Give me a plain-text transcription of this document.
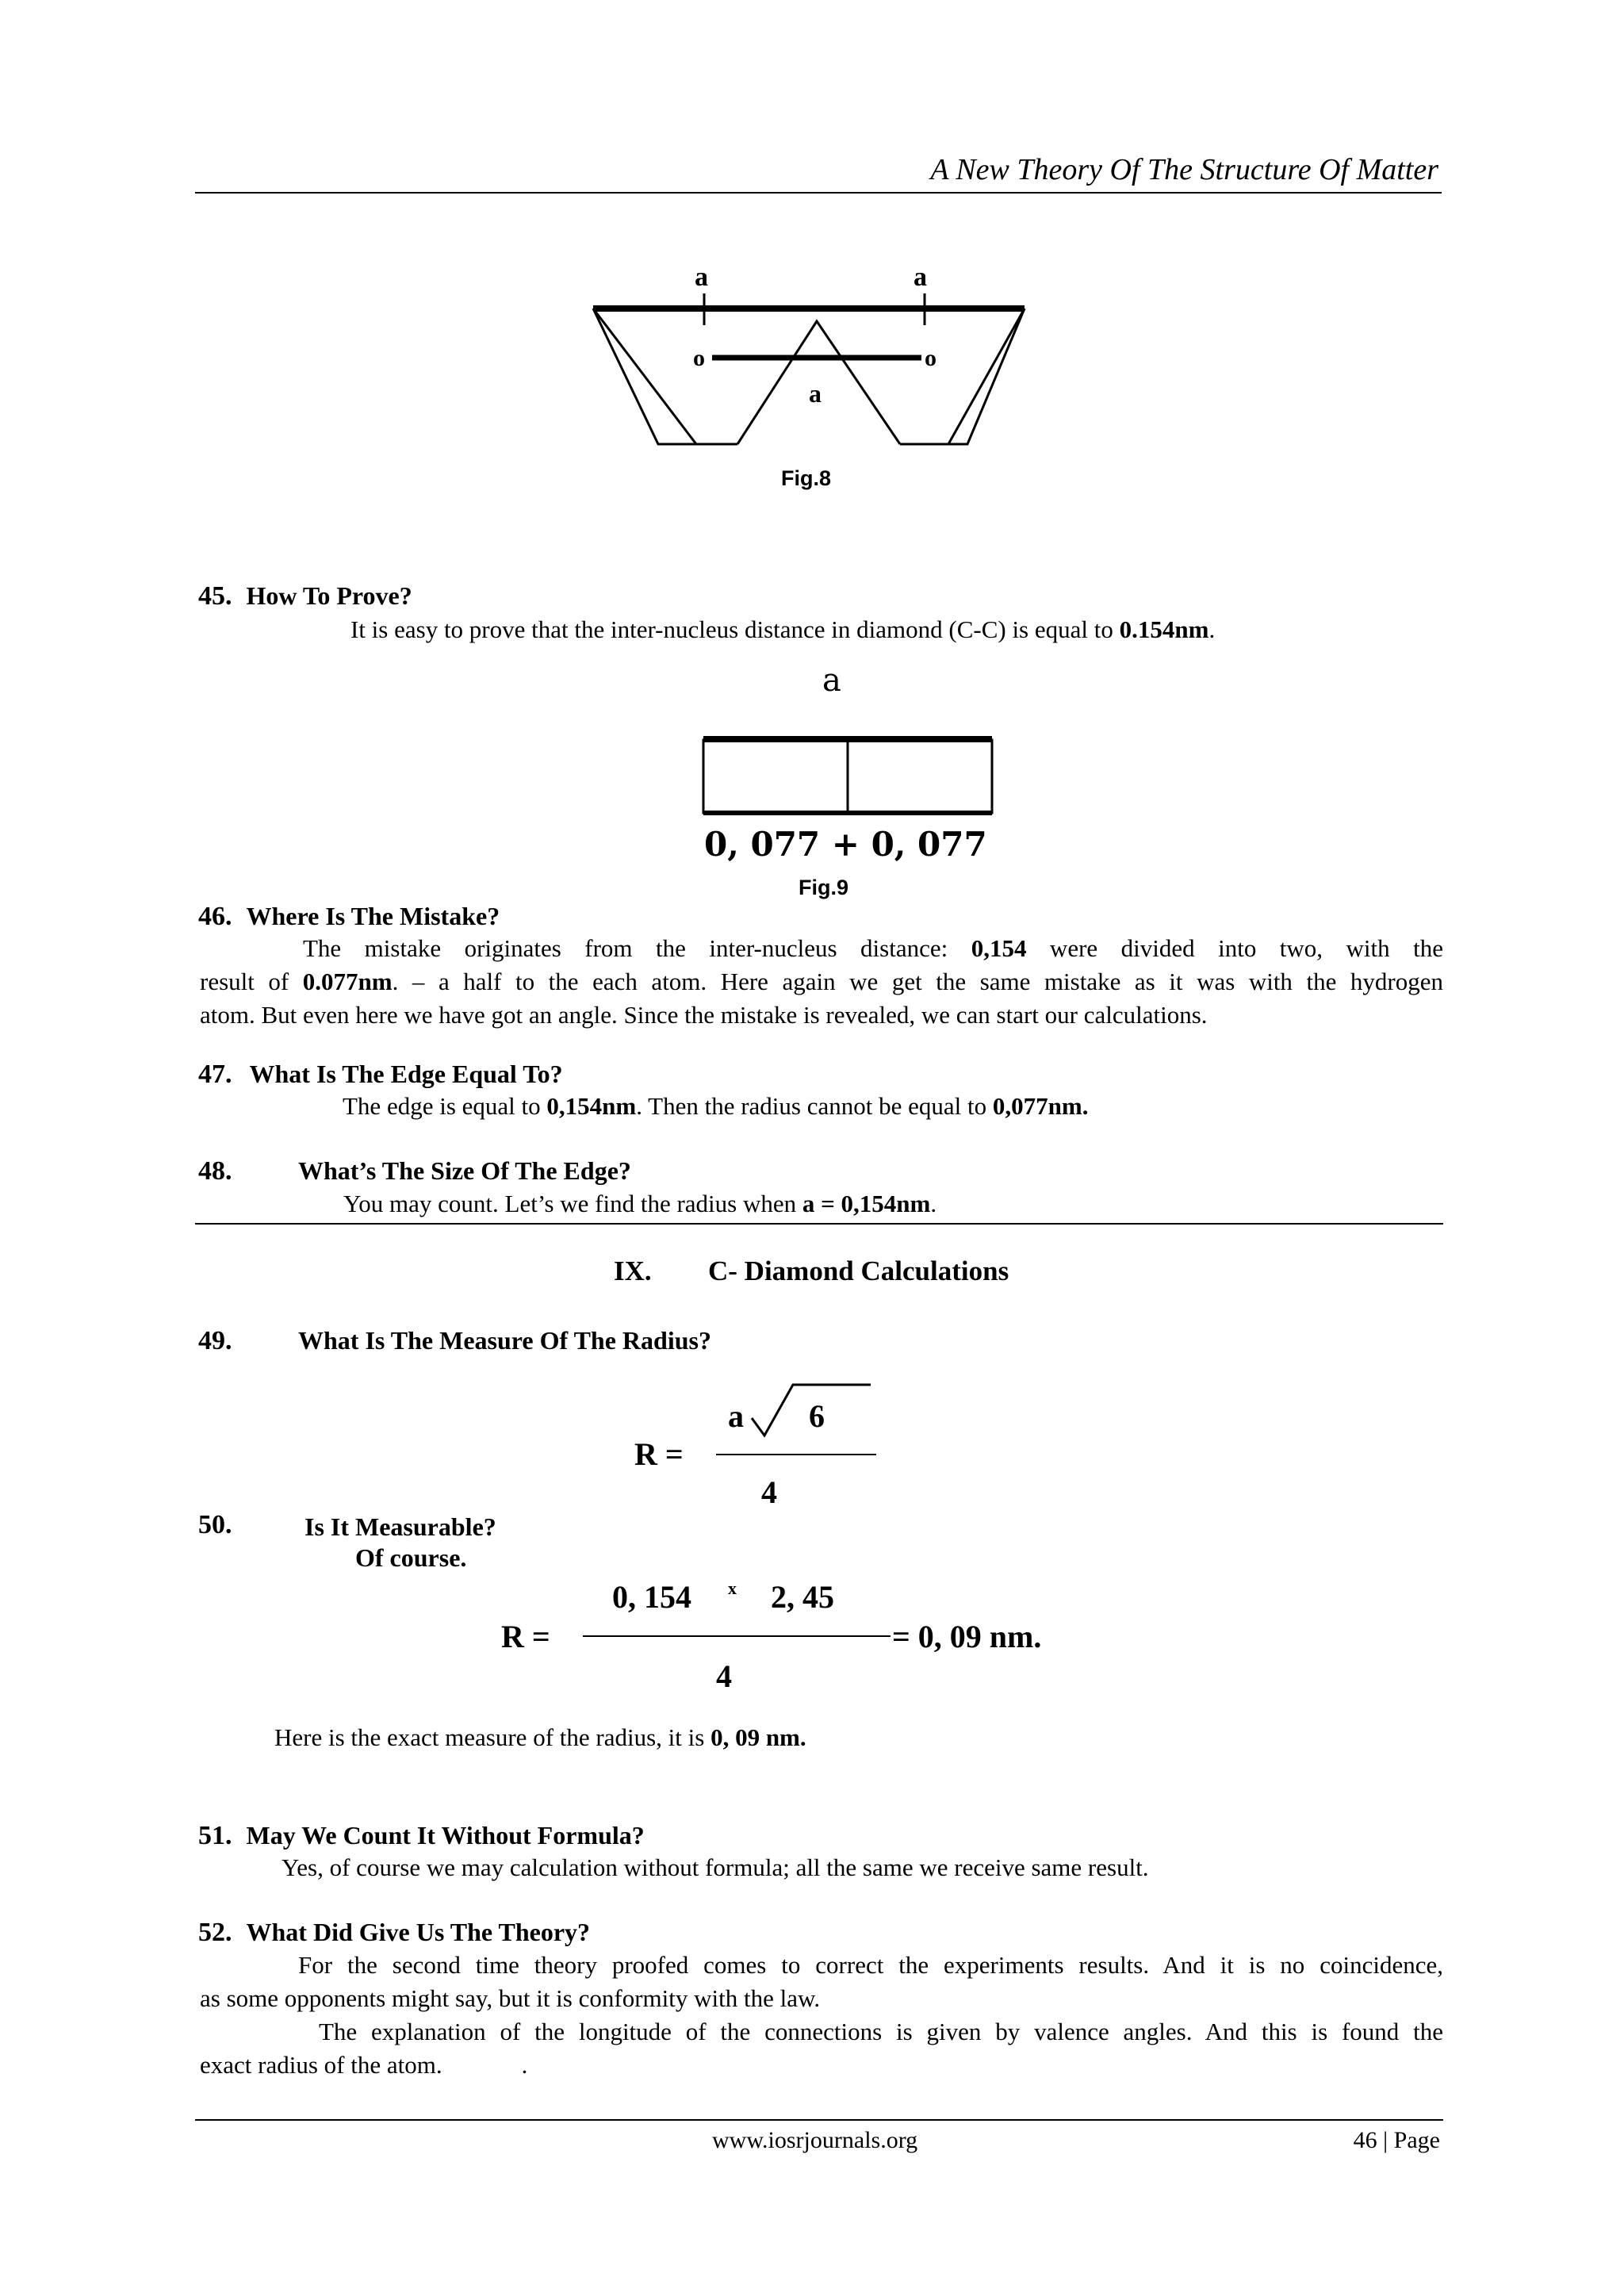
A New Theory Of The Structure Of Matter
a	a
o	o
a
Fig.8
45. How To Prove?
It is easy to prove that the inter-nucleus distance in diamond (C-C) is equal to 0.154nm.
a
0, 077 + 0, 077
Fig.9
46. Where Is The Mistake?
The mistake originates from the inter-nucleus distance: 0,154 were divided into two, with the
result of 0.077nm. – a half to the each atom. Here again we get the same mistake as it was with the hydrogen
atom. But even here we have got an angle. Since the mistake is revealed, we can start our calculations.
47. What Is The Edge Equal To?
The edge is equal to 0,154nm. Then the radius cannot be equal to 0,077nm.
48.	What’s The Size Of The Edge?
You may count. Let’s we find the radius when a = 0,154nm.
IX. C- Diamond Calculations
49.	What Is The Measure Of The Radius?
R =
a 6
4
50.	Is It Measurable?
Of course.
0, 154 x 2, 45
R =	= 0, 09 nm.
4
Here is the exact measure of the radius, it is 0, 09 nm.
51. May We Count It Without Formula?
Yes, of course we may calculation without formula; all the same we receive same result.
52. What Did Give Us The Theory?
For the second time theory proofed comes to correct the experiments results. And it is no coincidence,
as some opponents might say, but it is conformity with the law.
The explanation of the longitude of the connections is given by valence angles. And this is found the
exact radius of the atom.	.
www.iosrjournals.org	46 | Page
